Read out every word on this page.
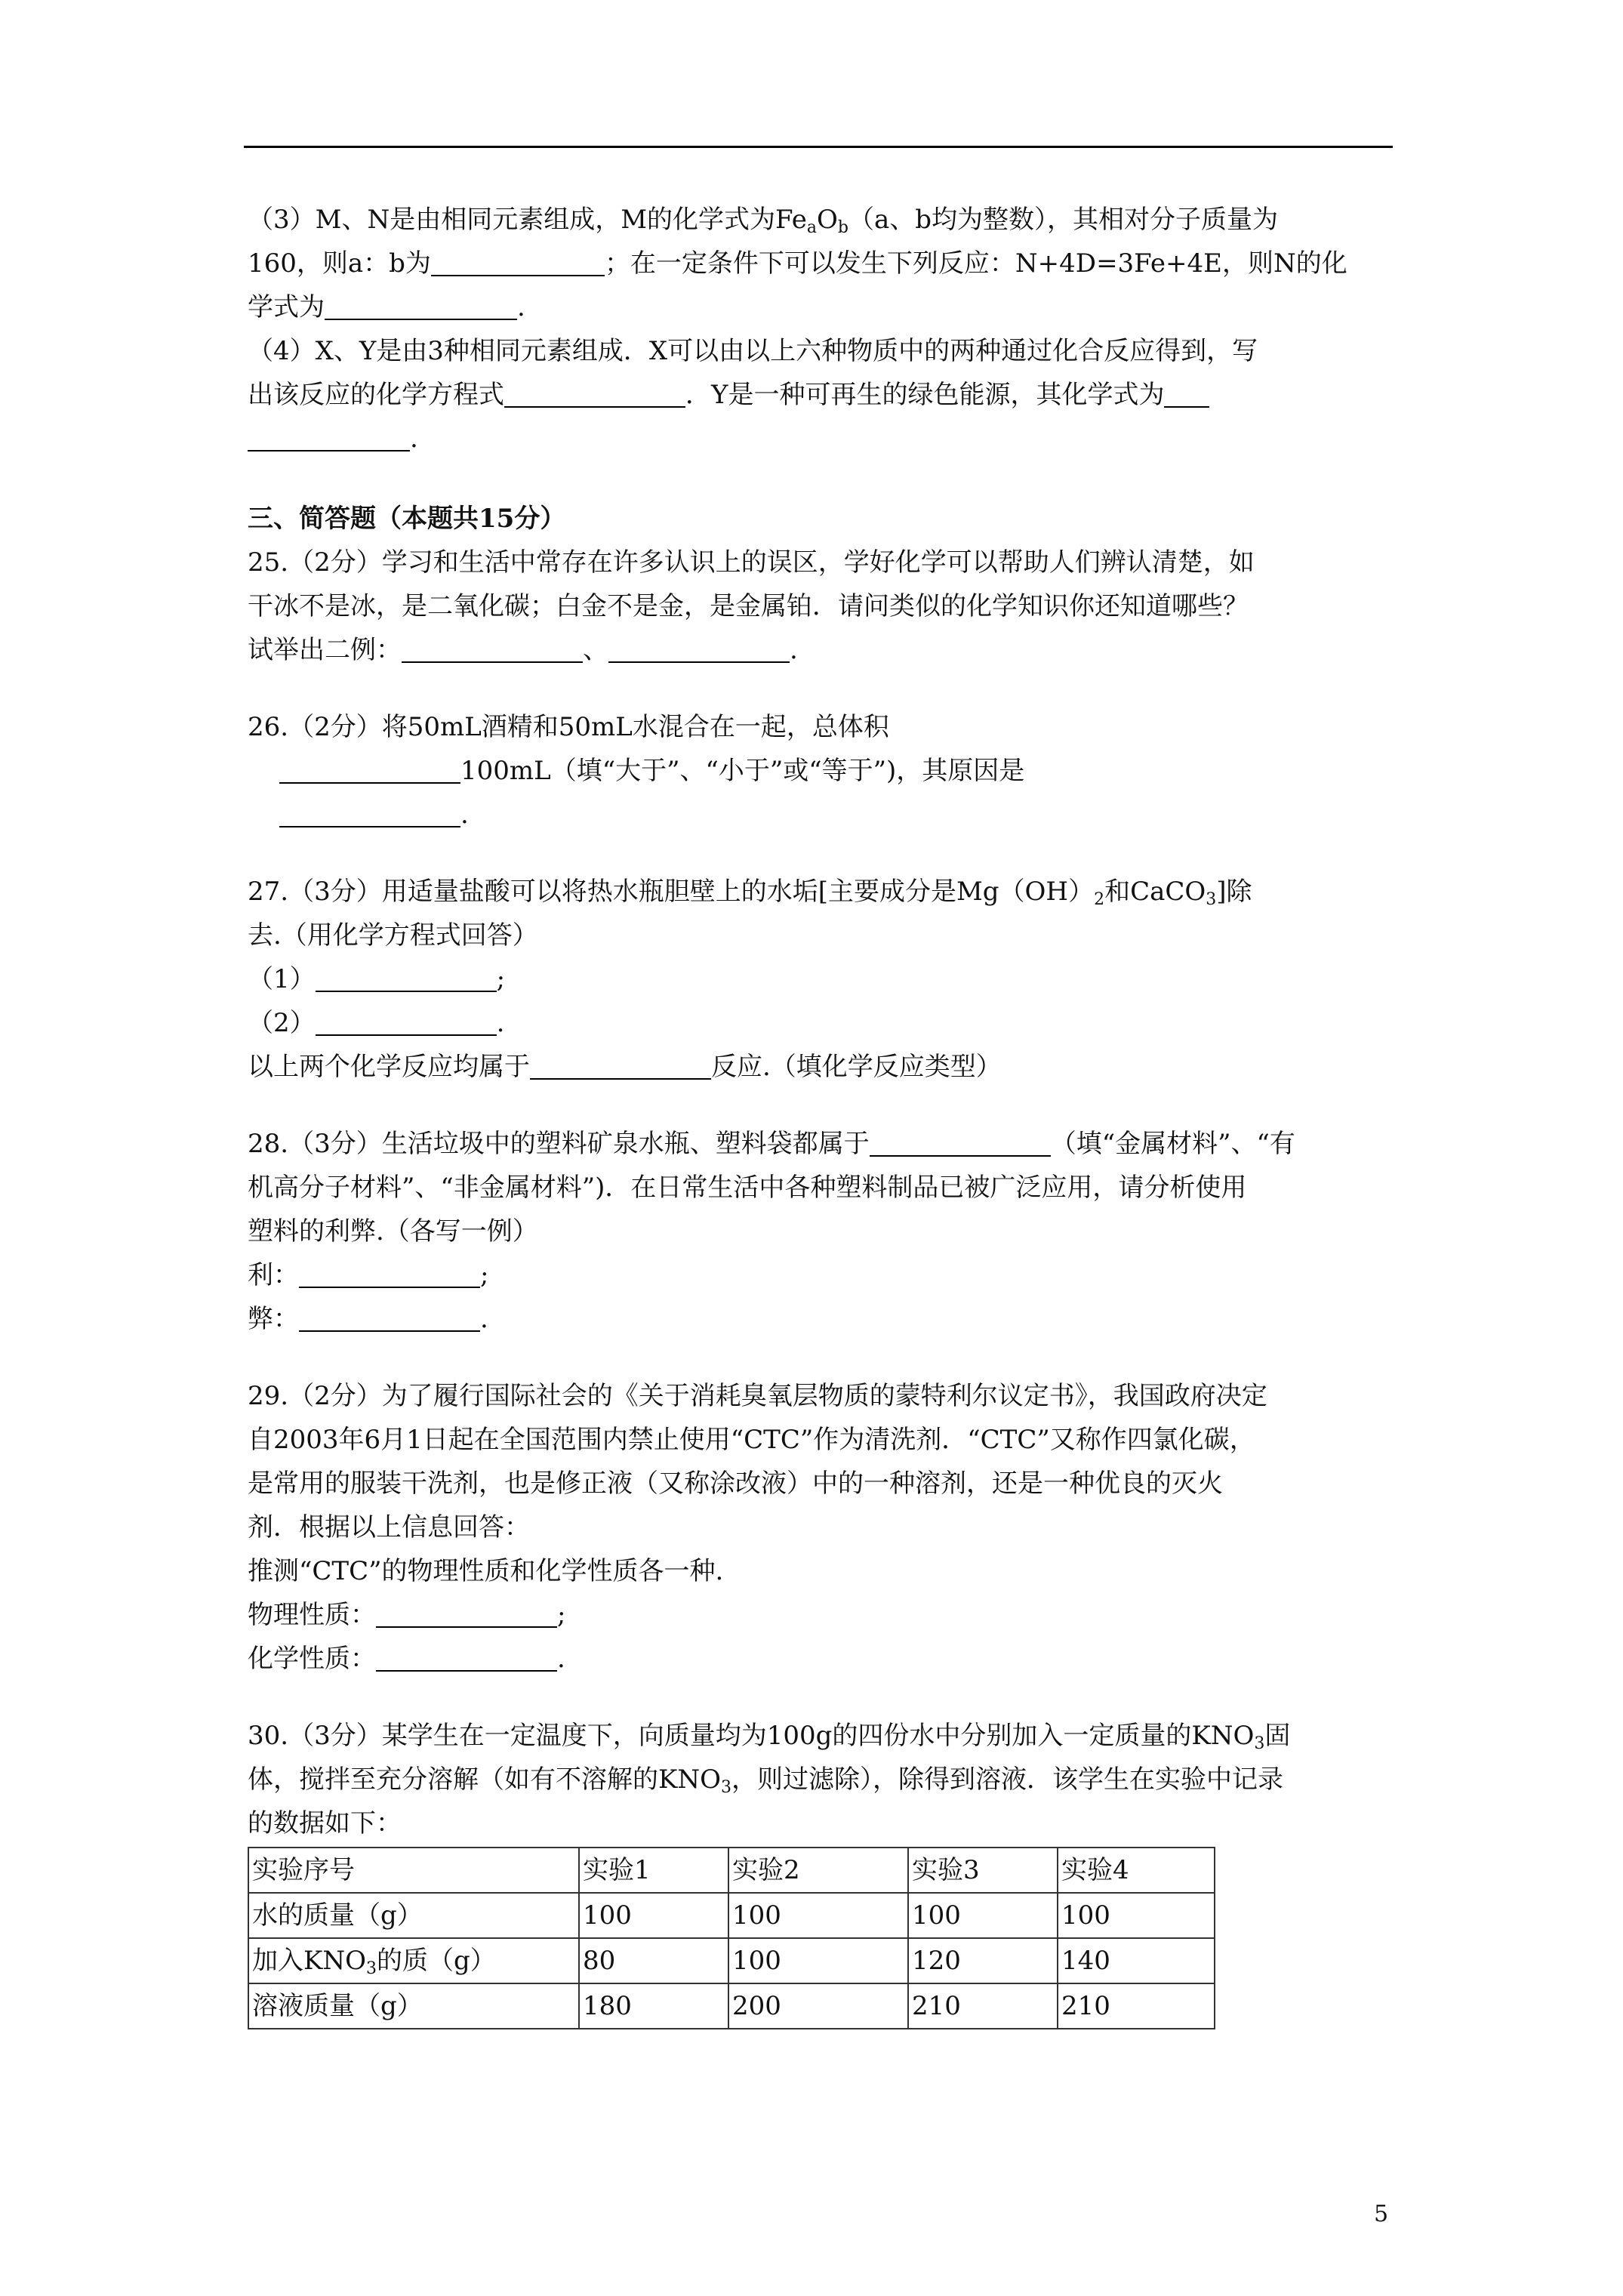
（3）M、N是由相同元素组成，M的化学式为$Fe_aO_b(a$、b均为整数），其相对分子质量为
160，则a：b为	；在一定条件下可以发生下列反应：N+4D=3Fe+4E，则N的化
学式为	.
（4）X、Y是由3种相同元素组成．X可以由以上六种物质中的两种通过化合反应得到，写
出该反应的化学方程式	．Y是一种可再生的绿色能源，其化学式为
.
三、简答题（本题共15分）
25.（2分）学习和生活中常存在许多认识上的误区，学好化学可以帮助人们辨认清楚，如
干冰不是冰，是二氧化碳；白金不是金，是金属铂．请问类似的化学知识你还知道哪些？
试举出二例：	、	.
26.（2分）将50mL酒精和50mL水混合在一起，总体积
100mL（填“大于”、“小于”或“等于”)，其原因是
.
27.（3分）用适量盐酸可以将热水瓶胆壁上的水垢[主要成分是$Mg(OH)_2$和CaCO$_3$]除
去.（用化学方程式回答）
（1）	;
（2）	.
以上两个化学反应均属于	反应.（填化学反应类型）
28.（3分）生活垃圾中的塑料矿泉水瓶、塑料袋都属于	（填“金属材料”、“有
机高分子材料”、“非金属材料”)．在日常生活中各种塑料制品已被广泛应用，请分析使用
塑料的利弊.（各写一例）
利：	;
弊：	.
29.（2分）为了履行国际社会的《关于消耗臭氧层物质的蒙特利尔议定书》，我国政府决定
自2003年6月1日起在全国范围内禁止使用“CTC”作为清洗剂．“CTC”又称作四氯化碳，
是常用的服装干洗剂，也是修正液（又称涂改液）中的一种溶剂，还是一种优良的灭火
剂．根据以上信息回答：
推测“CTC”的物理性质和化学性质各一种.
物理性质：	;
化学性质：	.
30.（3分）某学生在一定温度下，向质量均为100g的四份水中分别加入一定质量的$KNO_3$固
体，搅拌至充分溶解（如有不溶解的$KNO_3$，则过滤除），除得到溶液．该学生在实验中记录
的数据如下：
实验序号	实验1	实验2	实验3	实验4
水的质量（g）	100	100	100	100
加入$KNO_3$的质（g）	80	100	120	140
溶液质量（g）	180	200	210	210
5
